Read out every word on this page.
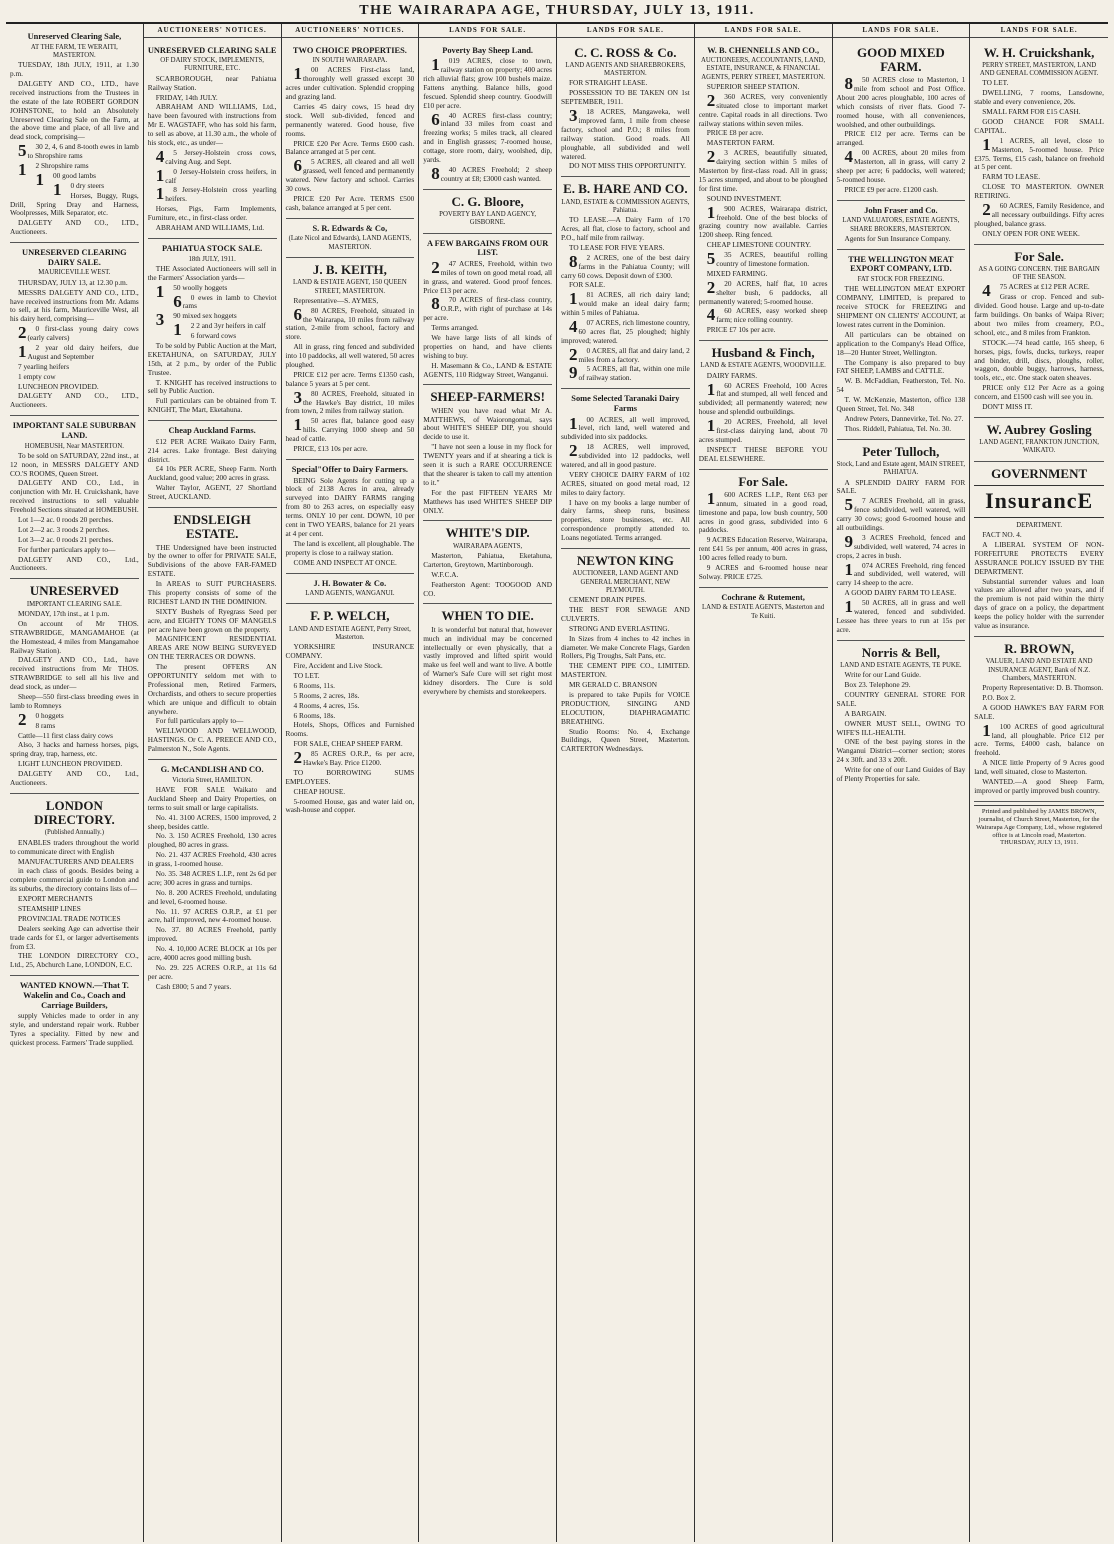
THE WAIRARAPA AGE, THURSDAY, JULY 13, 1911.
Unreserved Clearing Sale,
AT THE FARM, TE WERAITI, MASTERTON.

TUESDAY, 18th JULY, 1911, at 1.30 p.m.

DALGETY AND CO., LTD., have received instructions from the Trustees in the estate of the late ROBERT GORDON JOHNSTONE, to hold an Absolutely Unreserved Clearing Sale on the Farm, at the above time and place, of all live and dead stock, comprising—

530 2, 4, 6 and 8-tooth ewes in lamb to Shropshire rams

12 Shropshire rams

100 good lambs

10 dry steers

Horses, Buggy, Rugs, Drill, Spring Dray and Harness, Woolpresses, Milk Separator, etc.

DALGETY AND CO., LTD., Auctioneers.

UNRESERVED CLEARING DAIRY SALE.
MAURICEVILLE WEST.

THURSDAY, JULY 13, at 12.30 p.m.

MESSRS DALGETY AND CO., LTD., have received instructions from Mr. Adams to sell, at his farm, Mauriceville West, all his dairy herd, comprising—

20 first-class young dairy cows (early calvers)

12 year old dairy heifers, due August and September

7 yearling heifers

1 empty cow

LUNCHEON PROVIDED.

DALGETY AND CO., LTD., Auctioneers.

IMPORTANT SALE SUBURBAN LAND.
HOMEBUSH, Near MASTERTON.

To be sold on SATURDAY, 22nd inst., at 12 noon, in MESSRS DALGETY AND CO.'S ROOMS, Queen Street.

DALGETY AND CO., Ltd., in conjunction with Mr. H. Cruickshank, have received instructions to sell valuable Freehold Sections situated at HOMEBUSH.

Lot 1—2 ac. 0 roods 20 perches.

Lot 2—2 ac. 3 roods 2 perches.

Lot 3—2 ac. 0 roods 21 perches.

For further particulars apply to—

DALGETY AND CO., Ltd., Auctioneers.

UNRESERVED
IMPORTANT CLEARING SALE.

MONDAY, 17th inst., at 1 p.m.

On account of Mr THOS. STRAWBRIDGE, MANGAMAHOE (at the Homestead, 4 miles from Mangamahoe Railway Station).

DALGETY AND CO., Ltd., have received instructions from Mr THOS. STRAWBRIDGE to sell all his live and dead stock, as under—

Sheep—550 first-class breeding ewes in lamb to Romneys

20 hoggets

8 rams

Cattle—11 first class dairy cows

Also, 3 hacks and harness horses, pigs, spring dray, trap, harness, etc.

LIGHT LUNCHEON PROVIDED.

DALGETY AND CO., Ltd., Auctioneers.

LONDON DIRECTORY.
(Published Annually.)

ENABLES traders throughout the world to communicate direct with English

MANUFACTURERS AND DEALERS

in each class of goods. Besides being a complete commercial guide to London and its suburbs, the directory contains lists of—

EXPORT MERCHANTS

STEAMSHIP LINES

PROVINCIAL TRADE NOTICES

Dealers seeking Age can advertise their trade cards for £1, or larger advertisements from £3.

THE LONDON DIRECTORY CO., Ltd., 25, Abchurch Lane, LONDON, E.C.

WANTED KNOWN.—That T. Wakelin and Co., Coach and Carriage Builders,

supply Vehicles made to order in any style, and understand repair work. Rubber Tyres a speciality. Fitted by new and quickest process. Farmers' Trade supplied.

AUCTIONEERS' NOTICES.
UNRESERVED CLEARING SALE
OF DAIRY STOCK, IMPLEMENTS, FURNITURE, ETC.

SCARBOROUGH, near Pahiatua Railway Station.

FRIDAY, 14th JULY.

ABRAHAM AND WILLIAMS, Ltd., have been favoured with instructions from Mr E. WAGSTAFF, who has sold his farm, to sell as above, at 11.30 a.m., the whole of his stock, etc., as under—

45 Jersey-Holstein cross cows, calving Aug. and Sept.

10 Jersey-Holstein cross heifers, in calf

18 Jersey-Holstein cross yearling heifers.

Horses, Pigs, Farm Implements, Furniture, etc., in first-class order.

ABRAHAM AND WILLIAMS, Ltd.

PAHIATUA STOCK SALE.
18th JULY, 1911.

THE Associated Auctioneers will sell in the Farmers' Association yards—

150 woolly hoggets

60 ewes in lamb to Cheviot rams

390 mixed sex hoggets

12 2 and 3yr heifers in calf

6 forward cows

To be sold by Public Auction at the Mart, EKETAHUNA, on SATURDAY, JULY 15th, at 2 p.m., by order of the Public Trustee.

T. KNIGHT has received instructions to sell by Public Auction.

Full particulars can be obtained from T. KNIGHT, The Mart, Eketahuna.

Cheap Auckland Farms.

£12 PER ACRE Waikato Dairy Farm, 214 acres. Lake frontage. Best dairying district.

£4 10s PER ACRE, Sheep Farm. North Auckland, good value; 200 acres in grass.

Walter Taylor, AGENT, 27 Shortland Street, AUCKLAND.

ENDSLEIGH ESTATE.

THE Undersigned have been instructed by the owner to offer for PRIVATE SALE, Subdivisions of the above FAR-FAMED ESTATE.

In AREAS to SUIT PURCHASERS. This property consists of some of the RICHEST LAND IN THE DOMINION.

SIXTY Bushels of Ryegrass Seed per acre, and EIGHTY TONS OF MANGELS per acre have been grown on the property.

MAGNIFICENT RESIDENTIAL AREAS ARE NOW BEING SURVEYED ON THE TERRACES OR DOWNS.

The present OFFERS AN OPPORTUNITY seldom met with to Professional men, Retired Farmers, Orchardists, and others to secure properties which are unique and difficult to obtain anywhere.

For full particulars apply to—

WELLWOOD AND WELLWOOD, HASTINGS. Or C. A. PREECE AND CO., Palmerston N., Sole Agents.

G. McCANDLISH AND CO.
Victoria Street, HAMILTON.

HAVE FOR SALE Waikato and Auckland Sheep and Dairy Properties, on terms to suit small or large capitalists.

No. 41. 3100 ACRES, 1500 improved, 2 sheep, besides cattle.

No. 3. 150 ACRES Freehold, 130 acres ploughed, 80 acres in grass.

No. 21. 437 ACRES Freehold, 430 acres in grass, 1-roomed house.

No. 35. 348 ACRES L.I.P., rent 2s 6d per acre; 300 acres in grass and turnips.

No. 8. 200 ACRES Freehold, undulating and level, 6-roomed house.

No. 11. 97 ACRES O.R.P., at £1 per acre, half improved, new 4-roomed house.

No. 37. 80 ACRES Freehold, partly improved.

No. 4. 10,000 ACRE BLOCK at 10s per acre, 4000 acres good milling bush.

No. 29. 225 ACRES O.R.P., at 11s 6d per acre.

Cash £800; 5 and 7 years.

AUCTIONEERS' NOTICES.
TWO CHOICE PROPERTIES.
IN SOUTH WAIRARAPA.

100 ACRES First-class land, thoroughly well grassed except 30 acres under cultivation. Splendid cropping and grazing land.

Carries 45 dairy cows, 15 head dry stock. Well sub-divided, fenced and permanently watered. Good house, five rooms.

PRICE £20 Per Acre. Terms £600 cash. Balance arranged at 5 per cent.

65 ACRES, all cleared and all well grassed, well fenced and permanently watered. New factory and school. Carries 30 cows.

PRICE £20 Per Acre. TERMS £500 cash, balance arranged at 5 per cent.

S. R. Edwards & Co,
(Late Nicol and Edwards), LAND AGENTS, MASTERTON.
J. B. KEITH,
LAND & ESTATE AGENT, 150 QUEEN STREET, MASTERTON.

Representative—S. AYMES,

680 ACRES, Freehold, situated in the Wairarapa, 10 miles from railway station, 2-mile from school, factory and store.

All in grass, ring fenced and subdivided into 10 paddocks, all well watered, 50 acres ploughed.

PRICE £12 per acre. Terms £1350 cash, balance 5 years at 5 per cent.

380 ACRES, Freehold, situated in the Hawke's Bay district, 10 miles from town, 2 miles from railway station.

150 acres flat, balance good easy hills. Carrying 1000 sheep and 50 head of cattle.

PRICE, £13 10s per acre.

Special"Offer to Dairy Farmers.

BEING Sole Agents for cutting up a block of 2138 Acres in area, already surveyed into DAIRY FARMS ranging from 80 to 263 acres, on especially easy terms. ONLY 10 per cent. DOWN, 10 per cent in TWO YEARS, balance for 21 years at 4 per cent.

The land is excellent, all ploughable. The property is close to a railway station.

COME AND INSPECT AT ONCE.

J. H. Bowater & Co.
LAND AGENTS, WANGANUI.
F. P. WELCH,
LAND AND ESTATE AGENT, Perry Street, Masterton.

YORKSHIRE INSURANCE COMPANY.

Fire, Accident and Live Stock.

TO LET.

6 Rooms, 11s.

5 Rooms, 2 acres, 18s.

4 Rooms, 4 acres, 15s.

6 Rooms, 18s.

Hotels, Shops, Offices and Furnished Rooms.

FOR SALE, CHEAP SHEEP FARM.

285 ACRES O.R.P., 6s per acre, Hawke's Bay. Price £1200.

TO BORROWING SUMS EMPLOYEES.

CHEAP HOUSE.

5-roomed House, gas and water laid on, wash-house and copper.

LANDS FOR SALE.
Poverty Bay Sheep Land.

1019 ACRES, close to town, railway station on property; 400 acres rich alluvial flats; grow 100 bushels maize. Fattens anything. Balance hills, good fescued. Splendid sheep country. Goodwill £10 per acre.

640 ACRES first-class country; inland 33 miles from coast and freezing works; 5 miles track, all cleared and in English grasses; 7-roomed house, cottage, store room, dairy, woolshed, dip, yards.

840 ACRES Freehold; 2 sheep country at £8; £3000 cash wanted.

C. G. Bloore,
POVERTY BAY LAND AGENCY, GISBORNE.
A FEW BARGAINS FROM OUR LIST.

247 ACRES, Freehold, within two miles of town on good metal road, all in grass, and watered. Good proof fences. Price £13 per acre.

870 ACRES of first-class country, O.R.P., with right of purchase at 14s per acre.

Terms arranged.

We have large lists of all kinds of properties on hand, and have clients wishing to buy.

H. Masemann & Co., LAND & ESTATE AGENTS, 110 Ridgway Street, Wanganui.

SHEEP-FARMERS!

WHEN you have read what Mr A. MATTHEWS, of Waiorongomai, says about WHITE'S SHEEP DIP, you should decide to use it.

"I have not seen a louse in my flock for TWENTY years and if at shearing a tick is seen it is such a RARE OCCURRENCE that the shearer is taken to call my attention to it."

For the past FIFTEEN YEARS Mr Matthews has used WHITE'S SHEEP DIP ONLY.

WHITE'S DIP.
WAIRARAPA AGENTS,

Masterton, Pahiatua, Eketahuna, Carterton, Greytown, Martinborough.

W.F.C.A.

Featherston Agent: TOOGOOD AND CO.

WHEN TO DIE.

It is wonderful but natural that, however much an individual may be concerned intellectually or even physically, that a vastly improved and lifted spirit would make us feel well and want to live. A bottle of Warner's Safe Cure will set right most kidney disorders. The Cure is sold everywhere by chemists and storekeepers.

LANDS FOR SALE.
C. C. ROSS & Co.
LAND AGENTS AND SHAREBROKERS, MASTERTON.

FOR STRAIGHT LEASE.

POSSESSION TO BE TAKEN ON 1st SEPTEMBER, 1911.

318 ACRES, Mangaweka, well improved farm, 1 mile from cheese factory, school and P.O.; 8 miles from railway station. Good roads. All ploughable, all subdivided and well watered.

DO NOT MISS THIS OPPORTUNITY.

E. B. HARE AND CO.
LAND, ESTATE & COMMISSION AGENTS, Pahiatua.

TO LEASE.—A Dairy Farm of 170 Acres, all flat, close to factory, school and P.O., half mile from railway.

TO LEASE FOR FIVE YEARS.

82 ACRES, one of the best dairy farms in the Pahiatua County; will carry 60 cows. Deposit down of £300.

FOR SALE.

181 ACRES, all rich dairy land; would make an ideal dairy farm; within 5 miles of Pahiatua.

407 ACRES, rich limestone country, 60 acres flat, 25 ploughed; highly improved; watered.

20 ACRES, all flat and dairy land, 2 miles from a factory.

95 ACRES, all flat, within one mile of railway station.

Some Selected Taranaki Dairy Farms

100 ACRES, all well improved, level, rich land, well watered and subdivided into six paddocks.

218 ACRES, well improved, subdivided into 12 paddocks, well watered, and all in good pasture.

VERY CHOICE DAIRY FARM of 102 ACRES, situated on good metal road, 12 miles to dairy factory.

I have on my books a large number of dairy farms, sheep runs, business properties, store businesses, etc. All correspondence promptly attended to. Loans negotiated. Terms arranged.

NEWTON KING
AUCTIONEER, LAND AGENT AND GENERAL MERCHANT, NEW PLYMOUTH.

CEMENT DRAIN PIPES.

THE BEST FOR SEWAGE AND CULVERTS.

STRONG AND EVERLASTING.

In Sizes from 4 inches to 42 inches in diameter. We make Concrete Flags, Garden Rollers, Pig Troughs, Salt Pans, etc.

THE CEMENT PIPE CO., LIMITED. MASTERTON.

MR GERALD C. BRANSON

is prepared to take Pupils for VOICE PRODUCTION, SINGING AND ELOCUTION, DIAPHRAGMATIC BREATHING.

Studio Rooms: No. 4, Exchange Buildings, Queen Street, Masterton. CARTERTON Wednesdays.

LANDS FOR SALE.
W. B. CHENNELLS AND CO.,
AUCTIONEERS, ACCOUNTANTS, LAND, ESTATE, INSURANCE, & FINANCIAL AGENTS, PERRY STREET, MASTERTON.

SUPERIOR SHEEP STATION.

2360 ACRES, very conveniently situated close to important market centre. Capital roads in all directions. Two railway stations within seven miles.

PRICE £8 per acre.

MASTERTON FARM.

23 ACRES, beautifully situated, dairying section within 5 miles of Masterton by first-class road. All in grass; 15 acres stumped, and about to be ploughed for first time.

SOUND INVESTMENT.

1900 ACRES, Wairarapa district, freehold. One of the best blocks of grazing country now available. Carries 1200 sheep. Ring fenced.

CHEAP LIMESTONE COUNTRY.

535 ACRES, beautiful rolling country of limestone formation.

MIXED FARMING.

220 ACRES, half flat, 10 acres shelter bush, 6 paddocks, all permanently watered; 5-roomed house.

460 ACRES, easy worked sheep farm; nice rolling country.

PRICE £7 10s per acre.

Husband & Finch,
LAND & ESTATE AGENTS, WOODVILLE.

DAIRY FARMS.

160 ACRES Freehold, 100 Acres flat and stumped, all well fenced and subdivided; all permanently watered; new house and splendid outbuildings.

120 ACRES, Freehold, all level first-class dairying land, about 70 acres stumped.

INSPECT THESE BEFORE YOU DEAL ELSEWHERE.

For Sale.

1600 ACRES L.I.P., Rent £63 per annum, situated in a good road, limestone and papa, low bush country, 500 acres in good grass, subdivided into 6 paddocks.

9 ACRES Education Reserve, Wairarapa, rent £41 5s per annum, 400 acres in grass, 100 acres felled ready to burn.

9 ACRES and 6-roomed house near Solway. PRICE £725.

Cochrane & Rutement,
LAND & ESTATE AGENTS, Masterton and Te Kuiti.
LANDS FOR SALE.
GOOD MIXED FARM.

850 ACRES close to Masterton, 1 mile from school and Post Office. About 200 acres ploughable, 100 acres of which consists of river flats. Good 7-roomed house, with all conveniences, woolshed, and other outbuildings.

PRICE £12 per acre. Terms can be arranged.

400 ACRES, about 20 miles from Masterton, all in grass, will carry 2 sheep per acre; 6 paddocks, well watered; 5-roomed house.

PRICE £9 per acre. £1200 cash.

John Fraser and Co.
LAND VALUATORS, ESTATE AGENTS, SHARE BROKERS, MASTERTON.

Agents for Sun Insurance Company.

THE WELLINGTON MEAT EXPORT COMPANY, LTD.
FAT STOCK FOR FREEZING.

THE WELLINGTON MEAT EXPORT COMPANY, LIMITED, is prepared to receive STOCK for FREEZING and SHIPMENT ON CLIENTS' ACCOUNT, at lowest rates current in the Dominion.

All particulars can be obtained on application to the Company's Head Office, 18—20 Hunter Street, Wellington.

The Company is also prepared to buy FAT SHEEP, LAMBS and CATTLE.

W. B. McFaddian, Featherston, Tel. No. 54

T. W. McKenzie, Masterton, office 138 Queen Street, Tel. No. 348

Andrew Peters, Dannevirke, Tel. No. 27.

Thos. Riddell, Pahiatua, Tel. No. 30.

Peter Tulloch,
Stock, Land and Estate agent, MAIN STREET, PAHIATUA.

A SPLENDID DAIRY FARM FOR SALE.

57 ACRES Freehold, all in grass, fence subdivided, well watered, will carry 30 cows; good 6-roomed house and all outbuildings.

93 ACRES Freehold, fenced and subdivided, well watered, 74 acres in crops, 2 acres in bush.

1074 ACRES Freehold, ring fenced and subdivided, well watered, will carry 14 sheep to the acre.

A GOOD DAIRY FARM TO LEASE.

150 ACRES, all in grass and well watered, fenced and subdivided. Lessee has three years to run at 15s per acre.

Norris & Bell,
LAND AND ESTATE AGENTS, TE PUKE.

Write for our Land Guide.

Box 23. Telephone 29.

COUNTRY GENERAL STORE FOR SALE.

A BARGAIN.

OWNER MUST SELL, OWING TO WIFE'S ILL-HEALTH.

ONE of the best paying stores in the Wanganui District—corner section; stores 24 x 30ft. and 33 x 20ft.

Write for one of our Land Guides of Bay of Plenty Properties for sale.

LANDS FOR SALE.
W. H. Cruickshank,
PERRY STREET, MASTERTON, LAND AND GENERAL COMMISSION AGENT.

TO LET.

DWELLING, 7 rooms, Lansdowne, stable and every convenience, 20s.

SMALL FARM FOR £15 CASH.

GOOD CHANCE FOR SMALL CAPITAL.

11 ACRES, all level, close to Masterton, 5-roomed house. Price £375. Terms, £15 cash, balance on freehold at 5 per cent.

FARM TO LEASE.

CLOSE TO MASTERTON. OWNER RETIRING.

260 ACRES, Family Residence, and all necessary outbuildings. Fifty acres ploughed, balance grass.

ONLY OPEN FOR ONE WEEK.

For Sale.
AS A GOING CONCERN. THE BARGAIN OF THE SEASON.

475 ACRES at £12 PER ACRE.

Grass or crop. Fenced and sub-divided. Good house. Large and up-to-date farm buildings. On banks of Waipa River; about two miles from creamery, P.O., school, etc., and 8 miles from Frankton.

STOCK.—74 head cattle, 165 sheep, 6 horses, pigs, fowls, ducks, turkeys, reaper and binder, drill, discs, ploughs, roller, waggon, double buggy, harrows, harness, tools, etc., etc. One stack oaten sheaves.

PRICE only £12 Per Acre as a going concern, and £1500 cash will see you in.

DON'T MISS IT.

W. Aubrey Gosling
LAND AGENT, FRANKTON JUNCTION, WAIKATO.
GOVERNMENT
InsurancE
DEPARTMENT.

FACT NO. 4.

A LIBERAL SYSTEM OF NON-FORFEITURE PROTECTS EVERY ASSURANCE POLICY ISSUED BY THE DEPARTMENT.

Substantial surrender values and loan values are allowed after two years, and if the premium is not paid within the thirty days of grace on a policy, the department keeps the policy holder with the surrender value as insurance.

R. BROWN,
VALUER, LAND AND ESTATE AND INSURANCE AGENT, Bank of N.Z. Chambers, MASTERTON.

Property Representative: D. B. Thomson.

P.O. Box 2.

A GOOD HAWKE'S BAY FARM FOR SALE.

1100 ACRES of good agricultural land, all ploughable. Price £12 per acre. Terms, £4000 cash, balance on freehold.

A NICE little Property of 9 Acres good land, well situated, close to Masterton.

WANTED.—A good Sheep Farm, improved or partly improved bush country.

Printed and published by JAMES BROWN, journalist, of Church Street, Masterton, for the Wairarapa Age Company, Ltd., whose registered office is at Lincoln road, Masterton. THURSDAY, JULY 13, 1911.
